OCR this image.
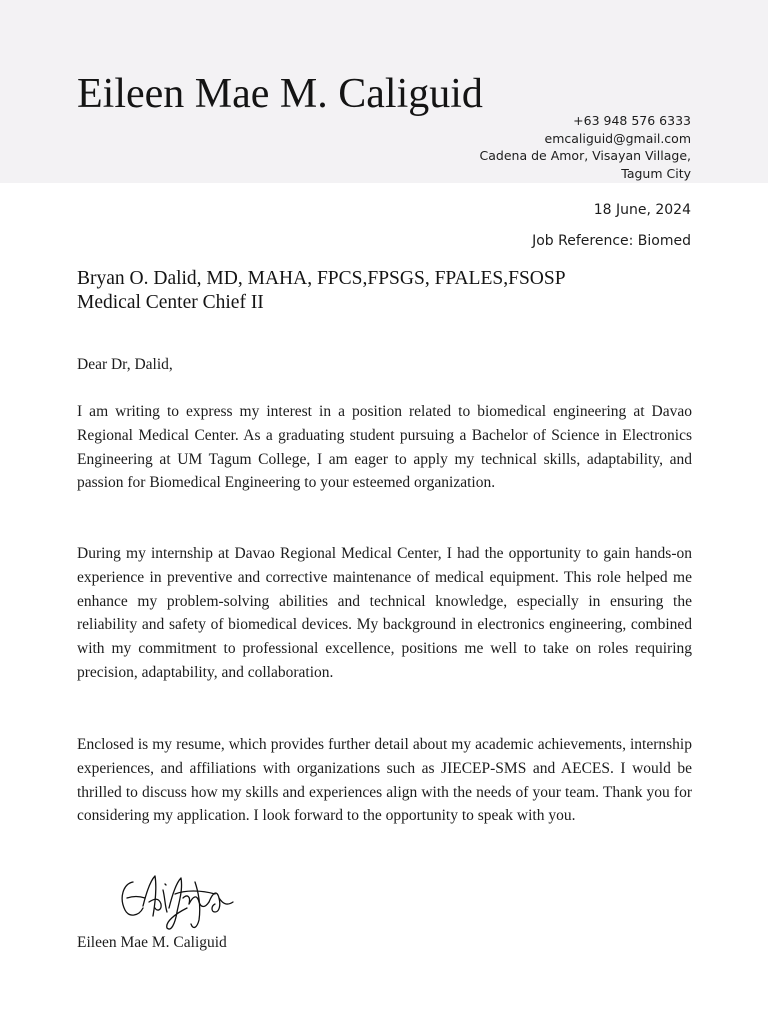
Eileen Mae M. Caliguid
+63 948 576 6333
emcaliguid@gmail.com
Cadena de Amor, Visayan Village,
Tagum City
18 June, 2024
Job Reference: Biomed
Bryan O. Dalid, MD, MAHA, FPCS,FPSGS, FPALES,FSOSP
Medical Center Chief II
Dear Dr, Dalid,
I am writing to express my interest in a position related to biomedical engineering at Davao Regional Medical Center. As a graduating student pursuing a Bachelor of Science in Electronics Engineering at UM Tagum College, I am eager to apply my technical skills, adaptability, and passion for Biomedical Engineering to your esteemed organization.
During my internship at Davao Regional Medical Center, I had the opportunity to gain hands-on experience in preventive and corrective maintenance of medical equipment. This role helped me enhance my problem-solving abilities and technical knowledge, especially in ensuring the reliability and safety of biomedical devices. My background in electronics engineering, combined with my commitment to professional excellence, positions me well to take on roles requiring precision, adaptability, and collaboration.
Enclosed is my resume, which provides further detail about my academic achievements, internship experiences, and affiliations with organizations such as JIECEP-SMS and AECES. I would be thrilled to discuss how my skills and experiences align with the needs of your team. Thank you for considering my application. I look forward to the opportunity to speak with you.
Eileen Mae M. Caliguid
